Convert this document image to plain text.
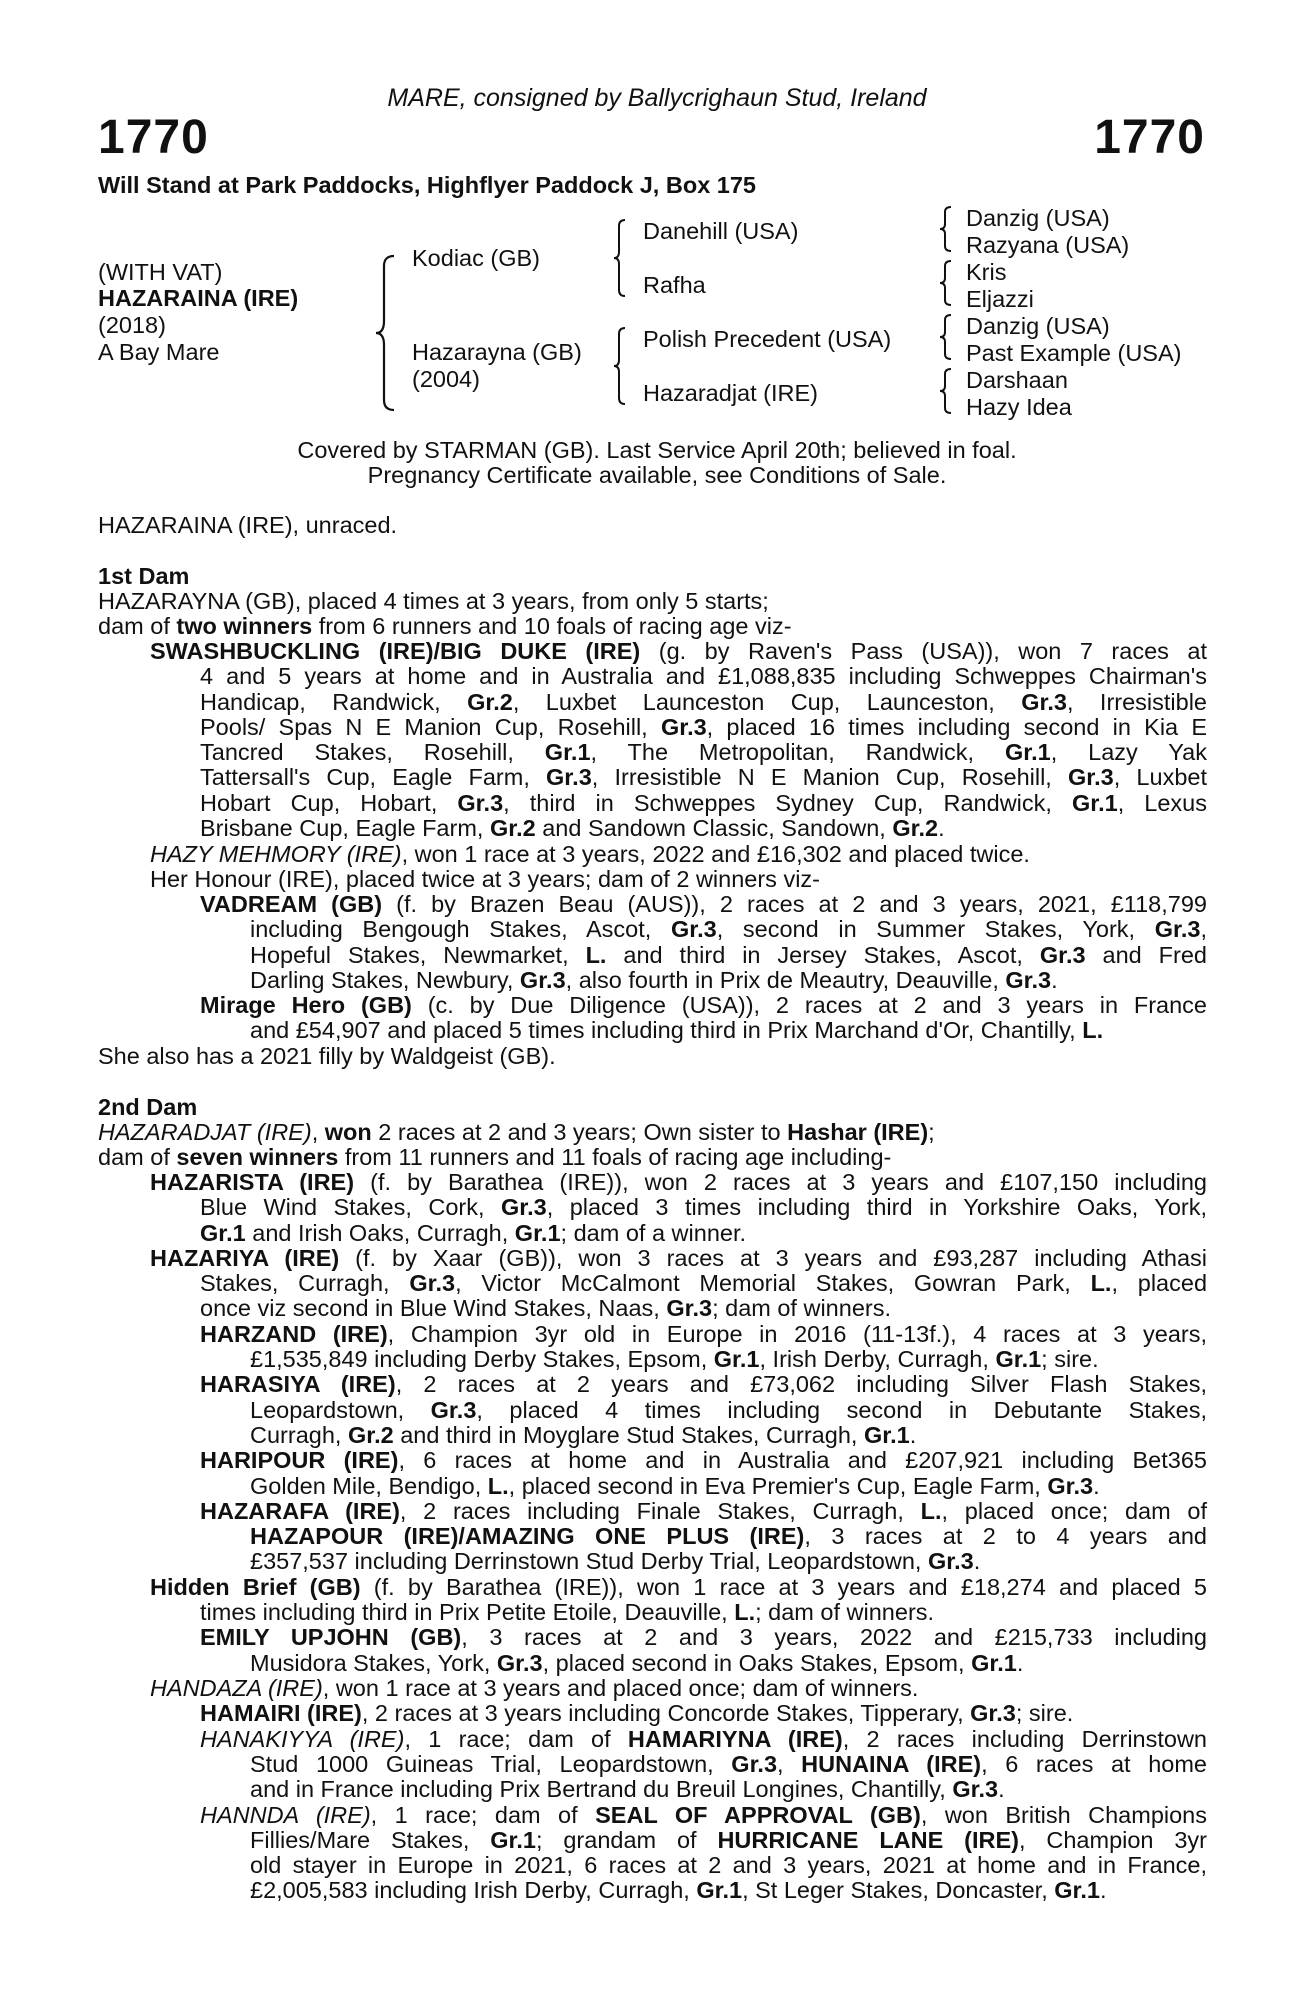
MARE, consigned by Ballycrighaun Stud, Ireland
1770	1770
Will Stand at Park Paddocks, Highflyer Paddock J, Box 175
(WITH VAT)
HAZARAINA (IRE)
(2018)
A Bay Mare
Kodiac (GB)
Hazarayna (GB)
(2004)
Danehill (USA)
Rafha
Polish Precedent (USA)
Hazaradjat (IRE)
Danzig (USA)
Razyana (USA)
Kris
Eljazzi
Danzig (USA)
Past Example (USA)
Darshaan
Hazy Idea
Covered by STARMAN (GB). Last Service April 20th; believed in foal.
Pregnancy Certificate available, see Conditions of Sale.
HAZARAINA (IRE), unraced.
1st Dam
HAZARAYNA (GB), placed 4 times at 3 years, from only 5 starts;
dam of two winners from 6 runners and 10 foals of racing age viz-
SWASHBUCKLING (IRE)/BIG DUKE (IRE) (g. by Raven's Pass (USA)), won 7 races at
4 and 5 years at home and in Australia and £1,088,835 including Schweppes Chairman's
Handicap, Randwick, Gr.2, Luxbet Launceston Cup, Launceston, Gr.3, Irresistible
Pools/ Spas N E Manion Cup, Rosehill, Gr.3, placed 16 times including second in Kia E
Tancred Stakes, Rosehill, Gr.1, The Metropolitan, Randwick, Gr.1, Lazy Yak
Tattersall's Cup, Eagle Farm, Gr.3, Irresistible N E Manion Cup, Rosehill, Gr.3, Luxbet
Hobart Cup, Hobart, Gr.3, third in Schweppes Sydney Cup, Randwick, Gr.1, Lexus
Brisbane Cup, Eagle Farm, Gr.2 and Sandown Classic, Sandown, Gr.2.
HAZY MEHMORY (IRE), won 1 race at 3 years, 2022 and £16,302 and placed twice.
Her Honour (IRE), placed twice at 3 years; dam of 2 winners viz-
VADREAM (GB) (f. by Brazen Beau (AUS)), 2 races at 2 and 3 years, 2021, £118,799
including Bengough Stakes, Ascot, Gr.3, second in Summer Stakes, York, Gr.3,
Hopeful Stakes, Newmarket, L. and third in Jersey Stakes, Ascot, Gr.3 and Fred
Darling Stakes, Newbury, Gr.3, also fourth in Prix de Meautry, Deauville, Gr.3.
Mirage Hero (GB) (c. by Due Diligence (USA)), 2 races at 2 and 3 years in France
and £54,907 and placed 5 times including third in Prix Marchand d'Or, Chantilly, L.
She also has a 2021 filly by Waldgeist (GB).
2nd Dam
HAZARADJAT (IRE), won 2 races at 2 and 3 years; Own sister to Hashar (IRE);
dam of seven winners from 11 runners and 11 foals of racing age including-
HAZARISTA (IRE) (f. by Barathea (IRE)), won 2 races at 3 years and £107,150 including
Blue Wind Stakes, Cork, Gr.3, placed 3 times including third in Yorkshire Oaks, York,
Gr.1 and Irish Oaks, Curragh, Gr.1; dam of a winner.
HAZARIYA (IRE) (f. by Xaar (GB)), won 3 races at 3 years and £93,287 including Athasi
Stakes, Curragh, Gr.3, Victor McCalmont Memorial Stakes, Gowran Park, L., placed
once viz second in Blue Wind Stakes, Naas, Gr.3; dam of winners.
HARZAND (IRE), Champion 3yr old in Europe in 2016 (11-13f.), 4 races at 3 years,
£1,535,849 including Derby Stakes, Epsom, Gr.1, Irish Derby, Curragh, Gr.1; sire.
HARASIYA (IRE), 2 races at 2 years and £73,062 including Silver Flash Stakes,
Leopardstown, Gr.3, placed 4 times including second in Debutante Stakes,
Curragh, Gr.2 and third in Moyglare Stud Stakes, Curragh, Gr.1.
HARIPOUR (IRE), 6 races at home and in Australia and £207,921 including Bet365
Golden Mile, Bendigo, L., placed second in Eva Premier's Cup, Eagle Farm, Gr.3.
HAZARAFA (IRE), 2 races including Finale Stakes, Curragh, L., placed once; dam of
HAZAPOUR (IRE)/AMAZING ONE PLUS (IRE), 3 races at 2 to 4 years and
£357,537 including Derrinstown Stud Derby Trial, Leopardstown, Gr.3.
Hidden Brief (GB) (f. by Barathea (IRE)), won 1 race at 3 years and £18,274 and placed 5
times including third in Prix Petite Etoile, Deauville, L.; dam of winners.
EMILY UPJOHN (GB), 3 races at 2 and 3 years, 2022 and £215,733 including
Musidora Stakes, York, Gr.3, placed second in Oaks Stakes, Epsom, Gr.1.
HANDAZA (IRE), won 1 race at 3 years and placed once; dam of winners.
HAMAIRI (IRE), 2 races at 3 years including Concorde Stakes, Tipperary, Gr.3; sire.
HANAKIYYA (IRE), 1 race; dam of HAMARIYNA (IRE), 2 races including Derrinstown
Stud 1000 Guineas Trial, Leopardstown, Gr.3, HUNAINA (IRE), 6 races at home
and in France including Prix Bertrand du Breuil Longines, Chantilly, Gr.3.
HANNDA (IRE), 1 race; dam of SEAL OF APPROVAL (GB), won British Champions
Fillies/Mare Stakes, Gr.1; grandam of HURRICANE LANE (IRE), Champion 3yr
old stayer in Europe in 2021, 6 races at 2 and 3 years, 2021 at home and in France,
£2,005,583 including Irish Derby, Curragh, Gr.1, St Leger Stakes, Doncaster, Gr.1.
